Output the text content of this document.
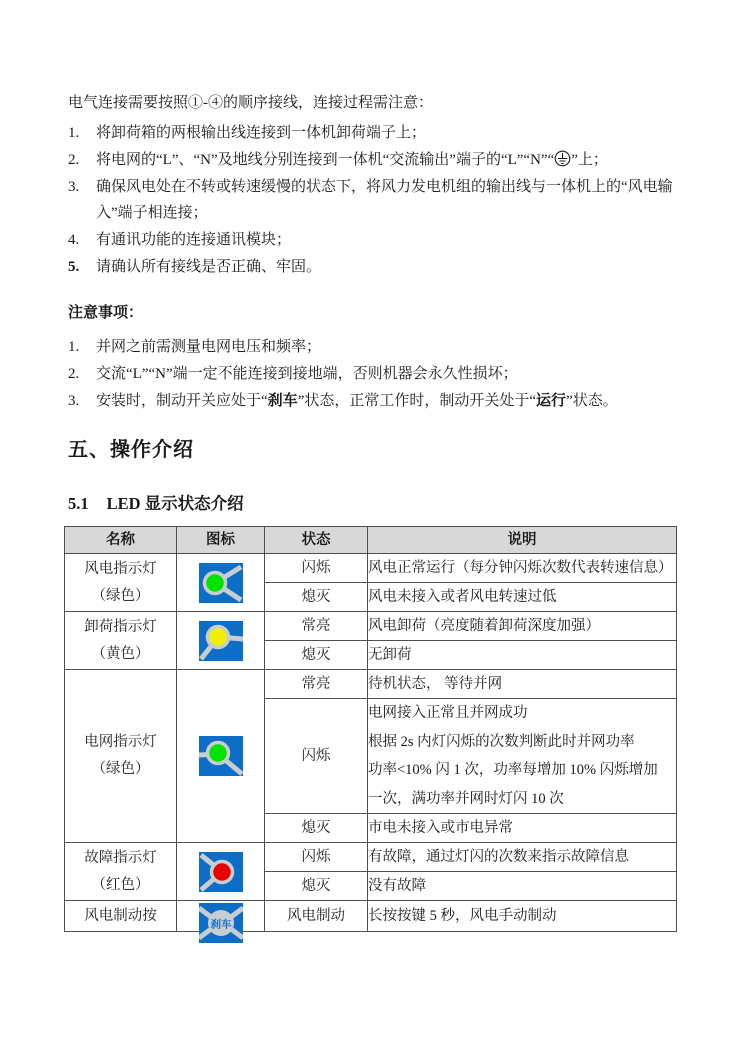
电气连接需要按照①-④的顺序接线，连接过程需注意：
1.	将卸荷箱的两根输出线连接到一体机卸荷端子上；
2.	将电网的“L”、“N”及地线分别连接到一体机“交流输出”端子的“L”“N”“ ”上；
3.	确保风电处在不转或转速缓慢的状态下，将风力发电机组的输出线与一体机上的“风电输入”端子相连接；
4.	有通讯功能的连接通讯模块；
5.	请确认所有接线是否正确、牢固。
注意事项：
1.	并网之前需测量电网电压和频率；
2.	交流“L”“N”端一定不能连接到接地端，否则机器会永久性损坏；
3.	安装时，制动开关应处于“刹车”状态，正常工作时，制动开关处于“运行”状态。
五、操作介绍
5.1 LED 显示状态介绍
名称	图标	状态	说明

风电指示灯
（绿色）		闪烁	风电正常运行（每分钟闪烁次数代表转速信息）

		熄灭	风电未接入或者风电转速过低

卸荷指示灯
（黄色）		常亮	风电卸荷（亮度随着卸荷深度加强）

		熄灭	无卸荷

电网指示灯
（绿色）		常亮	待机状态， 等待并网

		闪烁	电网接入正常且并网成功
根据 2s 内灯闪烁的次数判断此时并网功率
功率<10% 闪 1 次，功率每增加 10% 闪烁增加
一次，满功率并网时灯闪 10 次

		熄灭	市电未接入或市电异常

故障指示灯
（红色）		闪烁	有故障，通过灯闪的次数来指示故障信息

		熄灭	没有故障

风电制动按	刹车	风电制动	长按按键 5 秒，风电手动制动
